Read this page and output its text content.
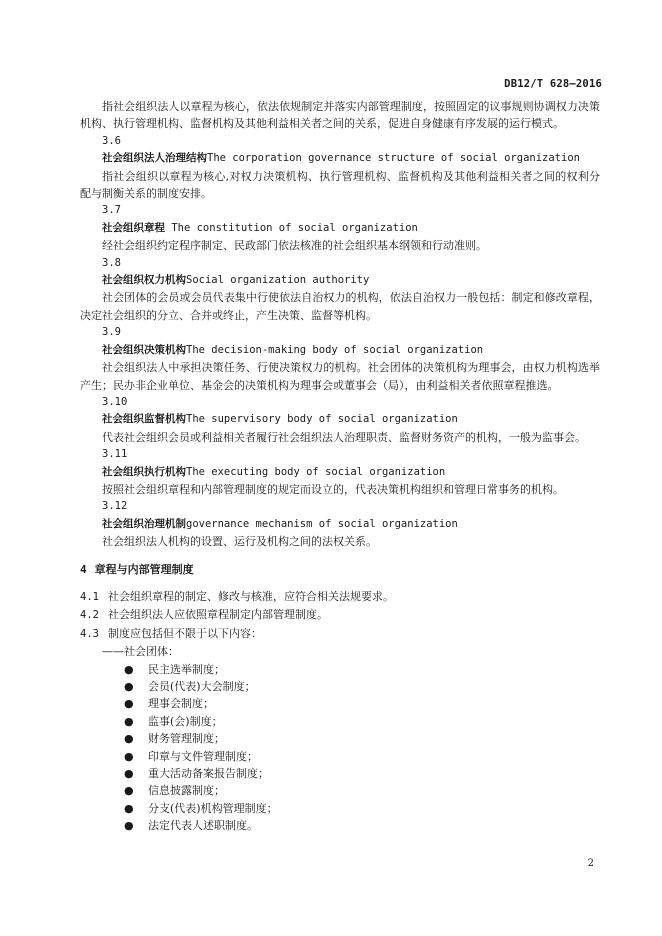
DB12/T 628—2016
指社会组织法人以章程为核心，依法依规制定并落实内部管理制度，按照固定的议事规则协调权力决策机构、执行管理机构、监督机构及其他利益相关者之间的关系，促进自身健康有序发展的运行模式。
3.6
社会组织法人治理结构The corporation governance structure of social organization
指社会组织以章程为核心,对权力决策机构、执行管理机构、监督机构及其他利益相关者之间的权利分配与制衡关系的制度安排。
3.7
社会组织章程 The constitution of social organization
经社会组织约定程序制定、民政部门依法核准的社会组织基本纲领和行动准则。
3.8
社会组织权力机构Social organization authority
社会团体的会员或会员代表集中行使依法自治权力的机构，依法自治权力一般包括：制定和修改章程，决定社会组织的分立、合并或终止，产生决策、监督等机构。
3.9
社会组织决策机构The decision-making body of social organization
社会组织法人中承担决策任务、行使决策权力的机构。社会团体的决策机构为理事会，由权力机构选举产生；民办非企业单位、基金会的决策机构为理事会或董事会（局），由利益相关者依照章程推选。
3.10
社会组织监督机构The supervisory body of social organization
代表社会组织会员或利益相关者履行社会组织法人治理职责、监督财务资产的机构，一般为监事会。
3.11
社会组织执行机构The executing body of social organization
按照社会组织章程和内部管理制度的规定而设立的，代表决策机构组织和管理日常事务的机构。
3.12
社会组织治理机制governance mechanism of social organization
社会组织法人机构的设置、运行及机构之间的法权关系。
4 章程与内部管理制度
4.1 社会组织章程的制定、修改与核准，应符合相关法规要求。
4.2 社会组织法人应依照章程制定内部管理制度。
4.3 制度应包括但不限于以下内容：
——社会团体：
● 民主选举制度；
● 会员(代表)大会制度；
● 理事会制度；
● 监事(会)制度；
● 财务管理制度；
● 印章与文件管理制度；
● 重大活动备案报告制度；
● 信息披露制度；
● 分支(代表)机构管理制度；
● 法定代表人述职制度。
2
